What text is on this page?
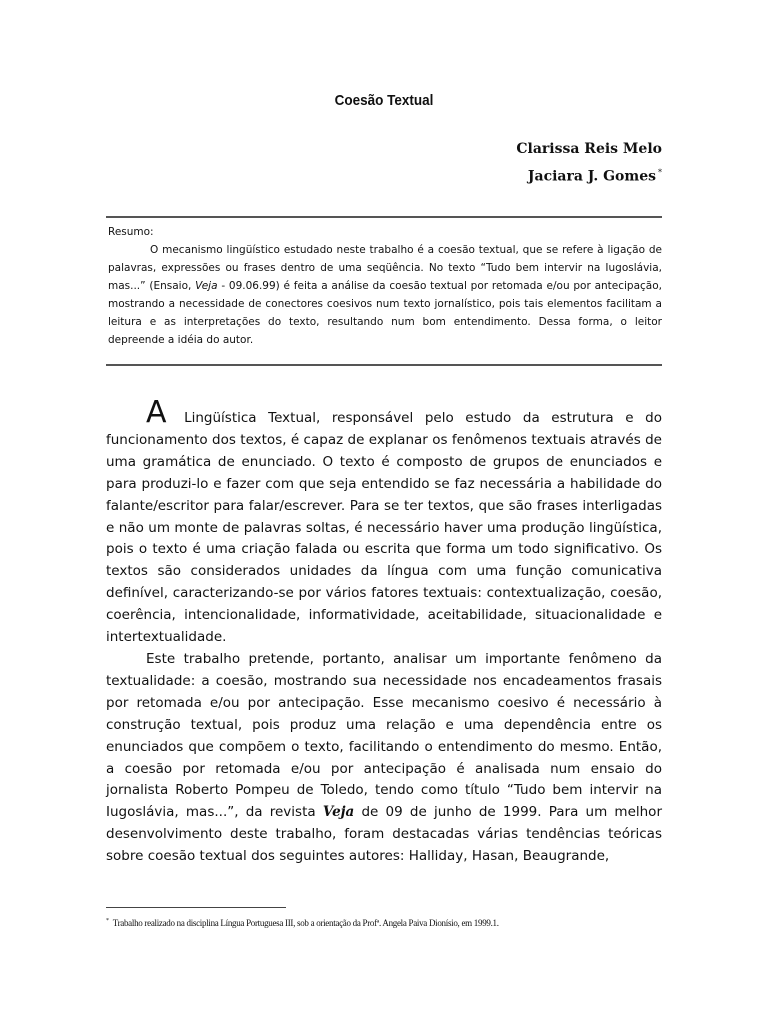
Coesão Textual
Clarissa Reis Melo
Jaciara J. Gomes *
Resumo:

O mecanismo lingüístico estudado neste trabalho é a coesão textual, que se refere à ligação de palavras, expressões ou frases dentro de uma seqüência. No texto “Tudo bem intervir na Iugoslávia, mas...” (Ensaio, Veja - 09.06.99) é feita a análise da coesão textual por retomada e/ou por antecipação, mostrando a necessidade de conectores coesivos num texto jornalístico, pois tais elementos facilitam a leitura e as interpretações do texto, resultando num bom entendimento. Dessa forma, o leitor depreende a idéia do autor.

A Lingüística Textual, responsável pelo estudo da estrutura e do funcionamento dos textos, é capaz de explanar os fenômenos textuais através de uma gramática de enunciado. O texto é composto de grupos de enunciados e para produzi-lo e fazer com que seja entendido se faz necessária a habilidade do falante/escritor para falar/escrever. Para se ter textos, que são frases interligadas e não um monte de palavras soltas, é necessário haver uma produção lingüística, pois o texto é uma criação falada ou escrita que forma um todo significativo. Os textos são considerados unidades da língua com uma função comunicativa definível, caracterizando-se por vários fatores textuais: contextualização, coesão, coerência, intencionalidade, informatividade, aceitabilidade, situacionalidade e intertextualidade.

Este trabalho pretende, portanto, analisar um importante fenômeno da textualidade: a coesão, mostrando sua necessidade nos encadeamentos frasais por retomada e/ou por antecipação. Esse mecanismo coesivo é necessário à construção textual, pois produz uma relação e uma dependência entre os enunciados que compõem o texto, facilitando o entendimento do mesmo. Então, a coesão por retomada e/ou por antecipação é analisada num ensaio do jornalista Roberto Pompeu de Toledo, tendo como título “Tudo bem intervir na Iugoslávia, mas...”, da revista Veja de 09 de junho de 1999. Para um melhor desenvolvimento deste trabalho, foram destacadas várias tendências teóricas sobre coesão textual dos seguintes autores: Halliday, Hasan, Beaugrande,

* Trabalho realizado na disciplina Língua Portuguesa III, sob a orientação da Profª. Angela Paiva Dionísio, em 1999.1.
